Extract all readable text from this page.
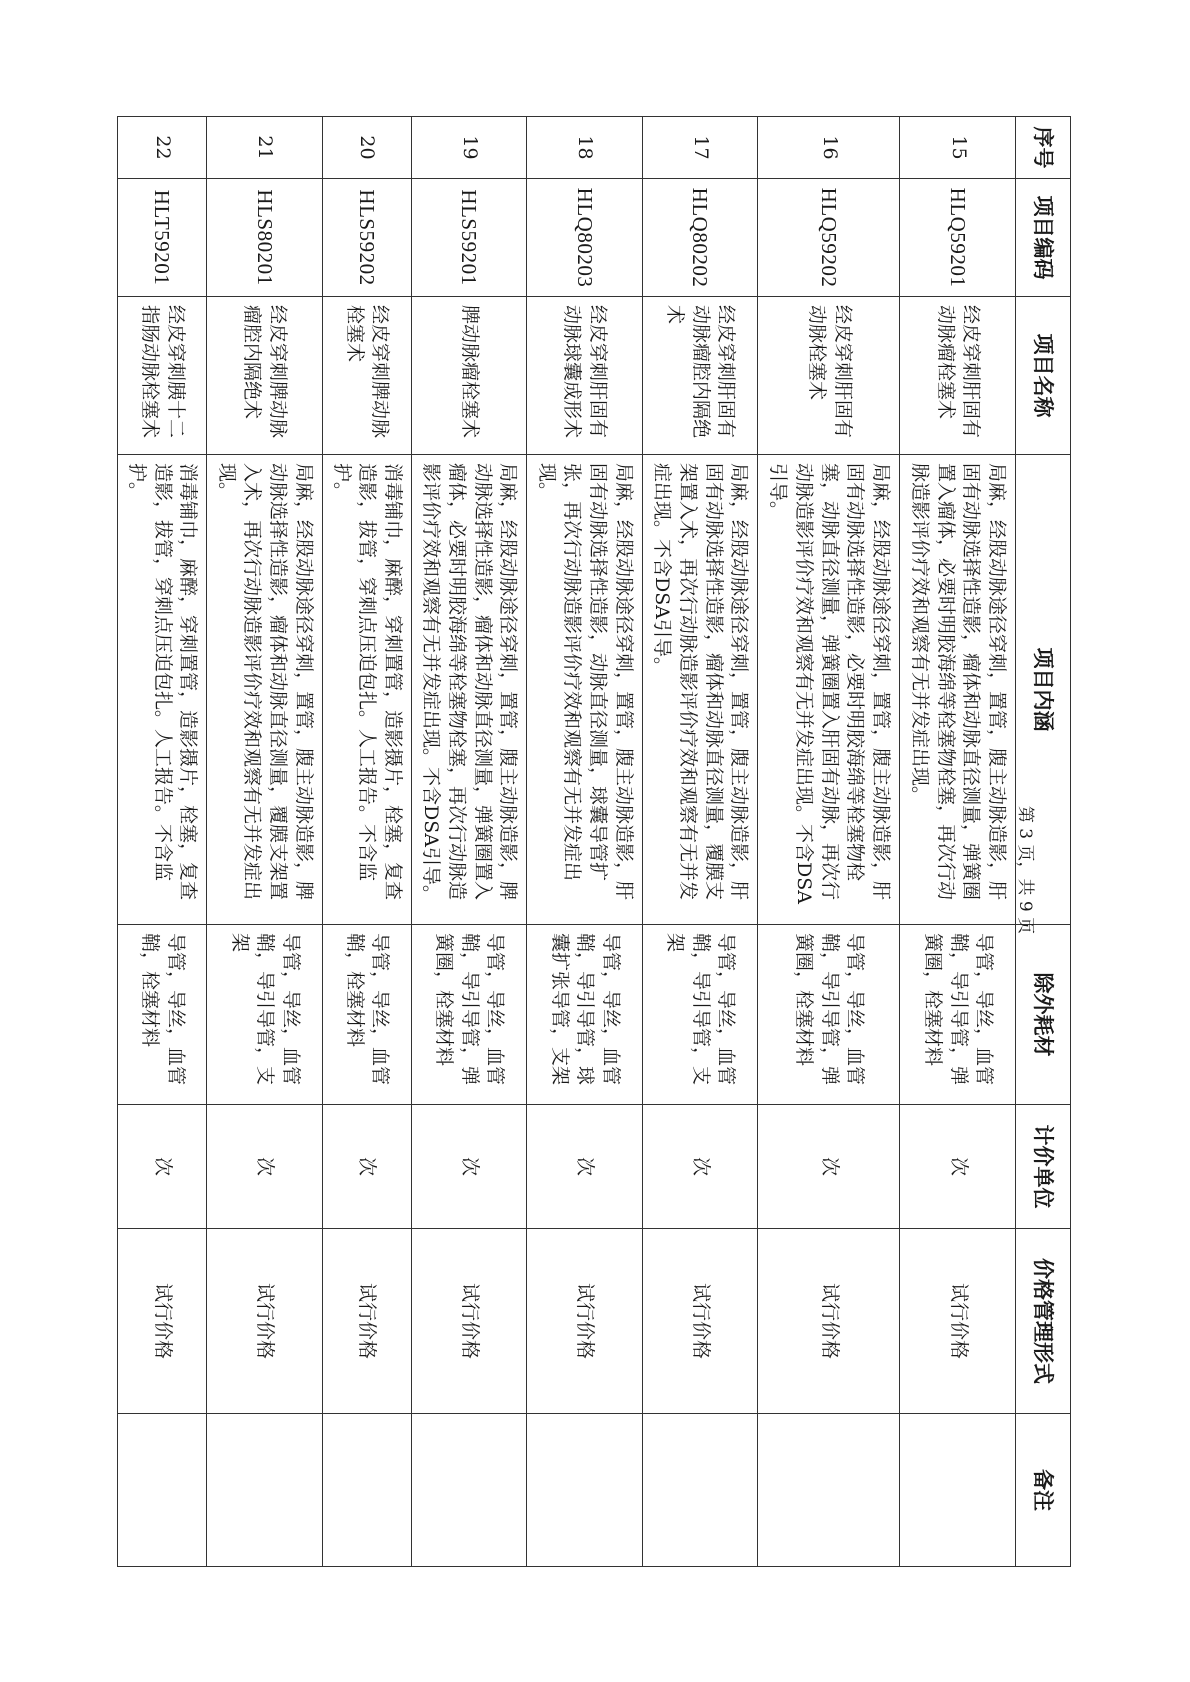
序号	项目编码	项目名称	项目内涵	除外耗材	计价单位	价格管理形式	备注
15	HLQ59201	经皮穿刺肝固有动脉瘤栓塞术	局麻，经股动脉途径穿刺，置管，腹主动脉造影，肝固有动脉选择性造影，瘤体和动脉直径测量，弹簧圈置入瘤体，必要时明胶海绵等栓塞物栓塞，再次行动脉造影评价疗效和观察有无并发症出现。	导管，导丝，血管鞘，导引导管，弹簧圈，栓塞材料	次	试行价格	
16	HLQ59202	经皮穿刺肝固有动脉栓塞术	局麻，经股动脉途径穿刺，置管，腹主动脉造影，肝固有动脉选择性造影，必要时明胶海绵等栓塞物栓塞，动脉直径测量，弹簧圈置入肝固有动脉，再次行动脉造影评价疗效和观察有无并发症出现。不含DSA引导。	导管，导丝，血管鞘，导引导管，弹簧圈，栓塞材料	次	试行价格	
17	HLQ80202	经皮穿刺肝固有动脉瘤腔内隔绝术	局麻，经股动脉途径穿刺，置管，腹主动脉造影，肝固有动脉选择性造影，瘤体和动脉直径测量，覆膜支架置入术，再次行动脉造影评价疗效和观察有无并发症出现。不含DSA引导。	导管，导丝，血管鞘，导引导管，支架	次	试行价格	
18	HLQ80203	经皮穿刺肝固有动脉球囊成形术	局麻，经股动脉途径穿刺，置管，腹主动脉造影，肝固有动脉选择性造影，动脉直径测量，球囊导管扩张，再次行动脉造影评价疗效和观察有无并发症出现。	导管，导丝，血管鞘，导引导管，球囊扩张导管，支架	次	试行价格	
19	HLS59201	脾动脉瘤栓塞术	局麻，经股动脉途径穿刺，置管，腹主动脉造影，脾动脉选择性造影，瘤体和动脉直径测量，弹簧圈置入瘤体，必要时明胶海绵等栓塞物栓塞，再次行动脉造影评价疗效和观察有无并发症出现。不含DSA引导。	导管，导丝，血管鞘，导引导管，弹簧圈，栓塞材料	次	试行价格	
20	HLS59202	经皮穿刺脾动脉栓塞术	消毒铺巾，麻醉，穿刺置管，造影摄片，栓塞，复查造影，拔管，穿刺点压迫包扎。人工报告。不含监护。	导管，导丝，血管鞘，栓塞材料	次	试行价格	
21	HLS80201	经皮穿刺脾动脉瘤腔内隔绝术	局麻，经股动脉途径穿刺，置管，腹主动脉造影，脾动脉选择性造影，瘤体和动脉直径测量，覆膜支架置入术，再次行动脉造影评价疗效和观察有无并发症出现。	导管，导丝，血管鞘，导引导管，支架	次	试行价格	
22	HLT59201	经皮穿刺胰十二指肠动脉栓塞术	消毒铺巾，麻醉，穿刺置管，造影摄片，栓塞，复查造影，拔管，穿刺点压迫包扎。人工报告。不含监护。	导管，导丝，血管鞘，栓塞材料	次	试行价格	
第 3 页，共 9 页
